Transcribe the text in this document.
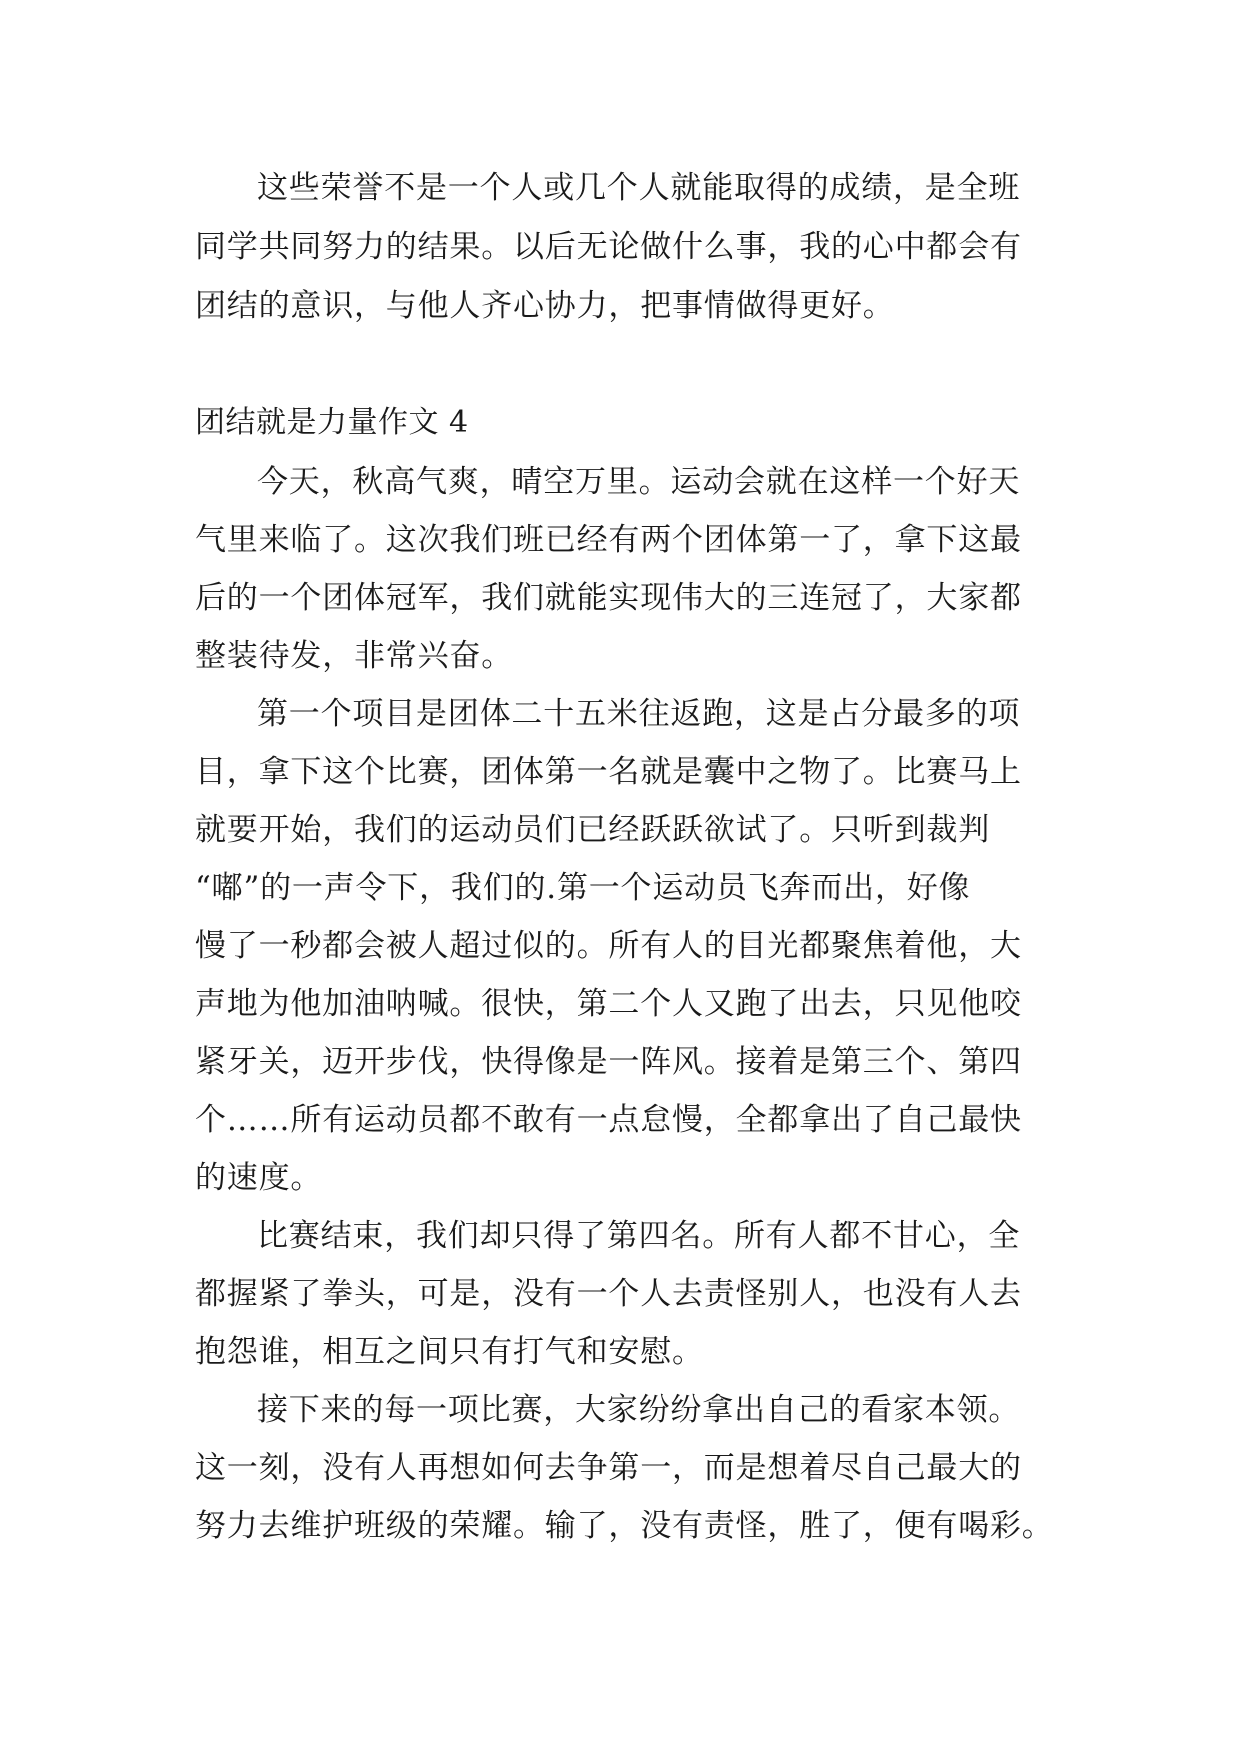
这些荣誉不是一个人或几个人就能取得的成绩，是全班
同学共同努力的结果。以后无论做什么事，我的心中都会有
团结的意识，与他人齐心协力，把事情做得更好。
团结就是力量作文 4
今天，秋高气爽，晴空万里。运动会就在这样一个好天
气里来临了。这次我们班已经有两个团体第一了，拿下这最
后的一个团体冠军，我们就能实现伟大的三连冠了，大家都
整装待发，非常兴奋。
第一个项目是团体二十五米往返跑，这是占分最多的项
目，拿下这个比赛，团体第一名就是囊中之物了。比赛马上
就要开始，我们的运动员们已经跃跃欲试了。只听到裁判
“嘟”的一声令下，我们的.第一个运动员飞奔而出，好像
慢了一秒都会被人超过似的。所有人的目光都聚焦着他，大
声地为他加油呐喊。很快，第二个人又跑了出去，只见他咬
紧牙关，迈开步伐，快得像是一阵风。接着是第三个、第四
个……所有运动员都不敢有一点怠慢，全都拿出了自己最快
的速度。
比赛结束，我们却只得了第四名。所有人都不甘心，全
都握紧了拳头，可是，没有一个人去责怪别人，也没有人去
抱怨谁，相互之间只有打气和安慰。
接下来的每一项比赛，大家纷纷拿出自己的看家本领。
这一刻，没有人再想如何去争第一，而是想着尽自己最大的
努力去维护班级的荣耀。输了，没有责怪，胜了，便有喝彩。
